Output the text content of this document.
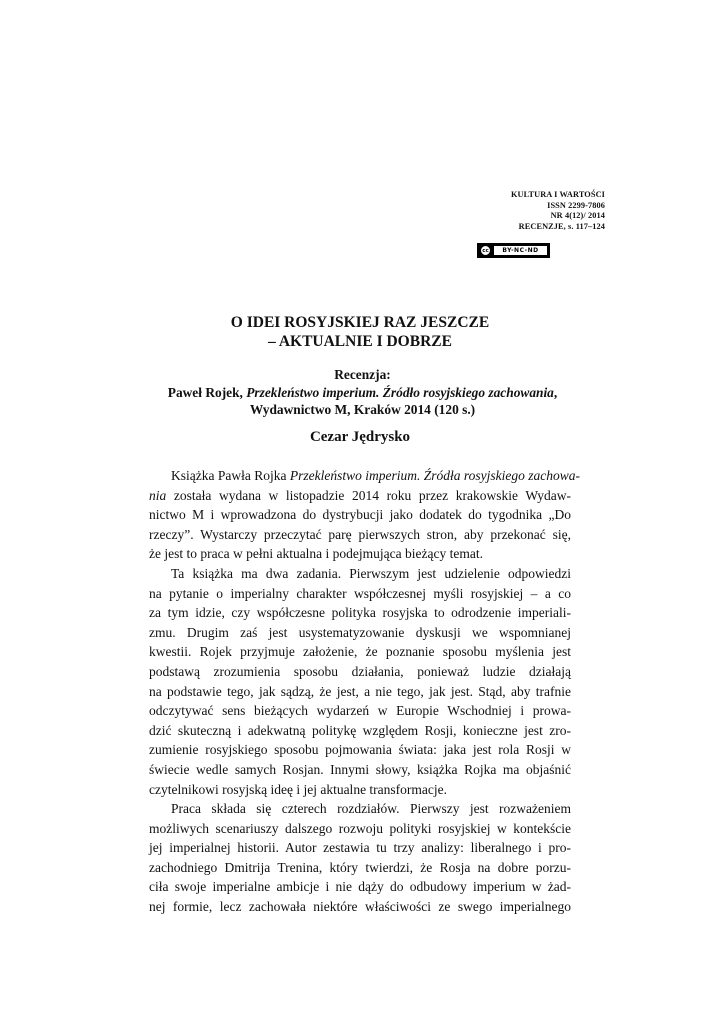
KULTURA I WARTOŚCI
ISSN 2299-7806
NR 4(12)/ 2014
RECENZJE, s. 117–124
cc	BY-NC-ND
O IDEI ROSYJSKIEJ RAZ JESZCZE
– AKTUALNIE I DOBRZE
Recenzja:
Paweł Rojek, Przekleństwo imperium. Źródło rosyjskiego zachowania,
Wydawnictwo M, Kraków 2014 (120 s.)
Cezar Jędrysko
Książka Pawła Rojka Przekleństwo imperium. Źródła rosyjskiego zachowa-
nia została wydana w listopadzie 2014 roku przez krakowskie Wydaw-
nictwo M i wprowadzona do dystrybucji jako dodatek do tygodnika „Do
rzeczy”. Wystarczy przeczytać parę pierwszych stron, aby przekonać się,
że jest to praca w pełni aktualna i podejmująca bieżący temat.
Ta książka ma dwa zadania. Pierwszym jest udzielenie odpowiedzi
na pytanie o imperialny charakter współczesnej myśli rosyjskiej – a co
za tym idzie, czy współczesne polityka rosyjska to odrodzenie imperiali-
zmu. Drugim zaś jest usystematyzowanie dyskusji we wspomnianej
kwestii. Rojek przyjmuje założenie, że poznanie sposobu myślenia jest
podstawą zrozumienia sposobu działania, ponieważ ludzie działają
na podstawie tego, jak sądzą, że jest, a nie tego, jak jest. Stąd, aby trafnie
odczytywać sens bieżących wydarzeń w Europie Wschodniej i prowa-
dzić skuteczną i adekwatną politykę względem Rosji, konieczne jest zro-
zumienie rosyjskiego sposobu pojmowania świata: jaka jest rola Rosji w
świecie wedle samych Rosjan. Innymi słowy, książka Rojka ma objaśnić
czytelnikowi rosyjską ideę i jej aktualne transformacje.
Praca składa się czterech rozdziałów. Pierwszy jest rozważeniem
możliwych scenariuszy dalszego rozwoju polityki rosyjskiej w kontekście
jej imperialnej historii. Autor zestawia tu trzy analizy: liberalnego i pro-
zachodniego Dmitrija Trenina, który twierdzi, że Rosja na dobre porzu-
ciła swoje imperialne ambicje i nie dąży do odbudowy imperium w żad-
nej formie, lecz zachowała niektóre właściwości ze swego imperialnego
